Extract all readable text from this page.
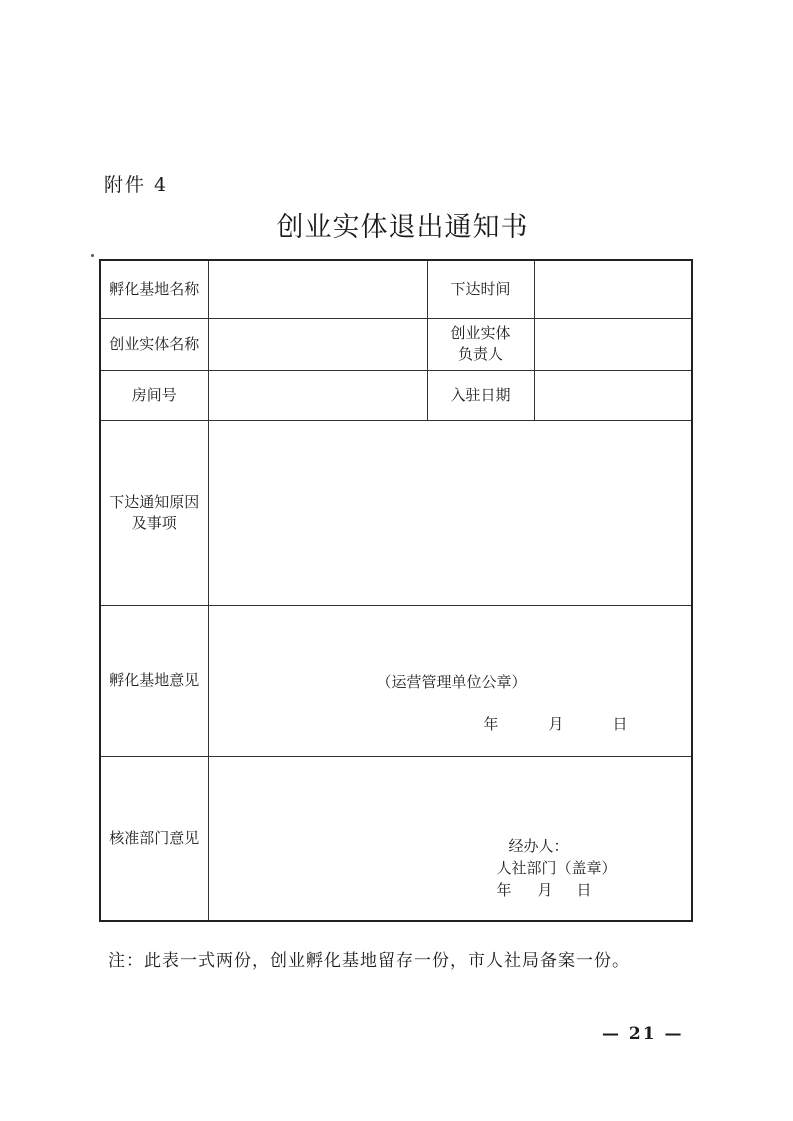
附件 4
创业实体退出通知书
孵化基地名称		下达时间	
创业实体名称		创业实体
负责人	

房间号		入驻日期	

下达通知原因
及事项			

孵化基地意见	（运营管理单位公章）
年 月 日		

核准部门意见	经办人：
人社部门（盖章）
年 月 日		
注：此表一式两份，创业孵化基地留存一份，市人社局备案一份。
— 21 —
